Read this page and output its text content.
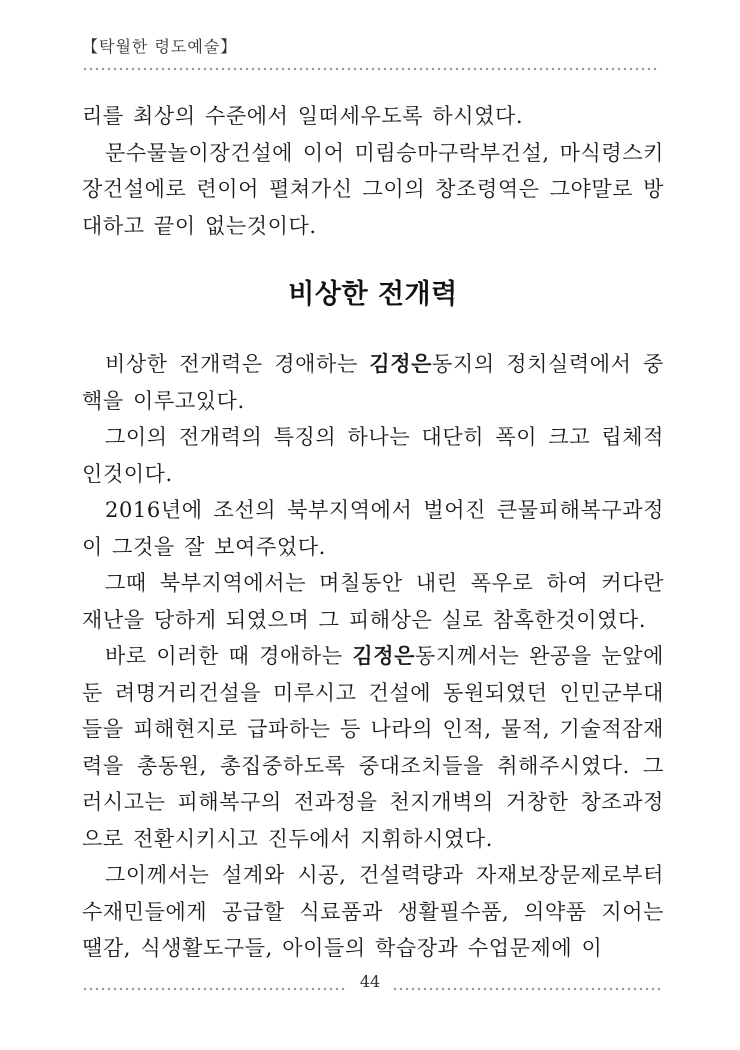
【탁월한 령도예술】

리를 최상의 수준에서 일떠세우도록 하시였다.

문수물놀이장건설에 이어 미림승마구락부건설, 마식령스키장건설에로 련이어 펼쳐가신 그이의 창조령역은 그야말로 방대하고 끝이 없는것이다.

비상한 전개력

비상한 전개력은 경애하는 김정은동지의 정치실력에서 중핵을 이루고있다.

그이의 전개력의 특징의 하나는 대단히 폭이 크고 립체적인것이다.

2016년에 조선의 북부지역에서 벌어진 큰물피해복구과정이 그것을 잘 보여주었다.

그때 북부지역에서는 며칠동안 내린 폭우로 하여 커다란 재난을 당하게 되였으며 그 피해상은 실로 참혹한것이였다.

바로 이러한 때 경애하는 김정은동지께서는 완공을 눈앞에 둔 려명거리건설을 미루시고 건설에 동원되였던 인민군부대들을 피해현지로 급파하는 등 나라의 인적, 물적, 기술적잠재력을 총동원, 총집중하도록 중대조치들을 취해주시였다. 그러시고는 피해복구의 전과정을 천지개벽의 거창한 창조과정으로 전환시키시고 진두에서 지휘하시였다.

그이께서는 설계와 시공, 건설력량과 자재보장문제로부터 수재민들에게 공급할 식료품과 생활필수품, 의약품 지어는 땔감, 식생활도구들, 아이들의 학습장과 수업문제에 이

44
